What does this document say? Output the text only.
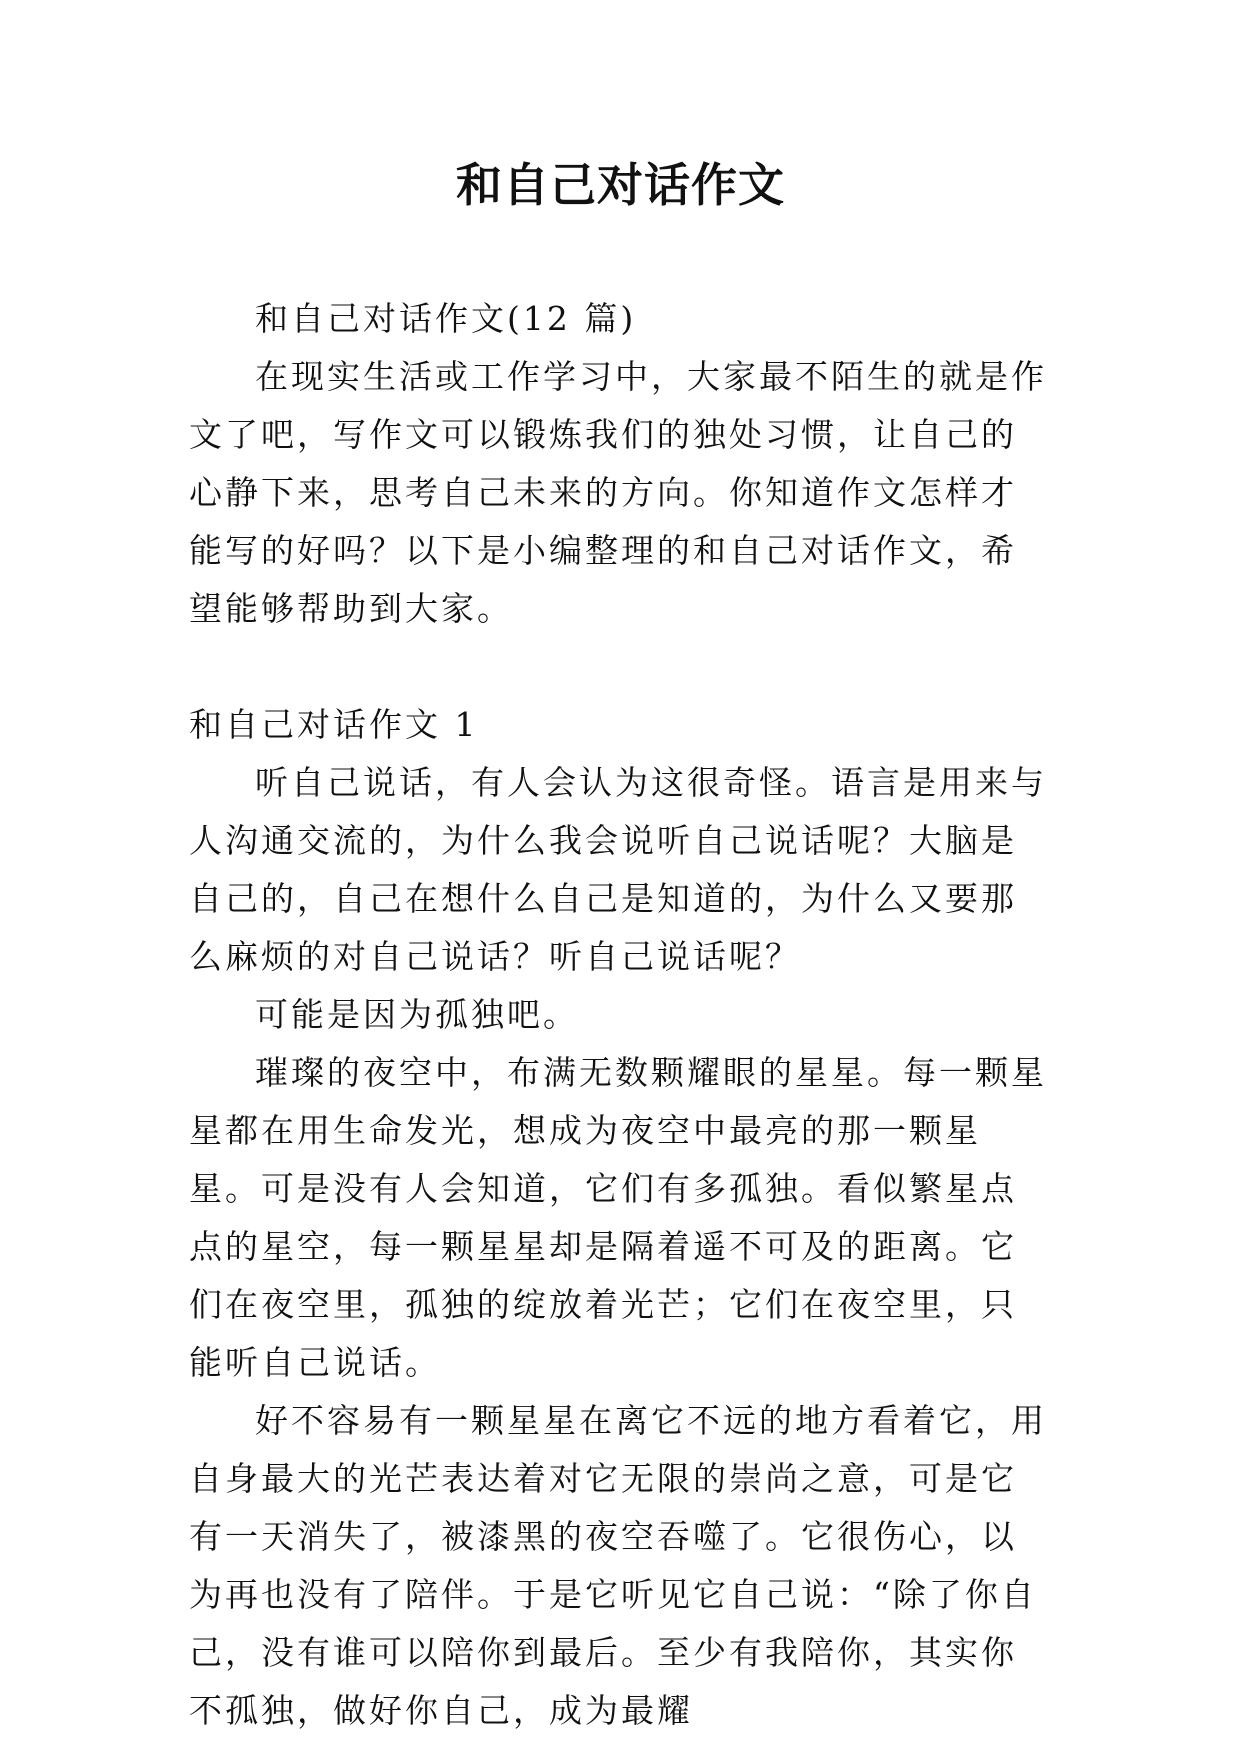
和自己对话作文

和自己对话作文(12 篇)

在现实生活或工作学习中，大家最不陌生的就是作文了吧，写作文可以锻炼我们的独处习惯，让自己的心静下来，思考自己未来的方向。你知道作文怎样才能写的好吗？以下是小编整理的和自己对话作文，希望能够帮助到大家。

和自己对话作文 1

听自己说话，有人会认为这很奇怪。语言是用来与人沟通交流的，为什么我会说听自己说话呢？大脑是自己的，自己在想什么自己是知道的，为什么又要那么麻烦的对自己说话？听自己说话呢？

可能是因为孤独吧。

璀璨的夜空中，布满无数颗耀眼的星星。每一颗星星都在用生命发光，想成为夜空中最亮的那一颗星星。可是没有人会知道，它们有多孤独。看似繁星点点的星空，每一颗星星却是隔着遥不可及的距离。它们在夜空里，孤独的绽放着光芒；它们在夜空里，只能听自己说话。

好不容易有一颗星星在离它不远的地方看着它，用自身最大的光芒表达着对它无限的崇尚之意，可是它有一天消失了，被漆黑的夜空吞噬了。它很伤心，以为再也没有了陪伴。于是它听见它自己说：“除了你自己，没有谁可以陪你到最后。至少有我陪你，其实你不孤独，做好你自己，成为最耀
